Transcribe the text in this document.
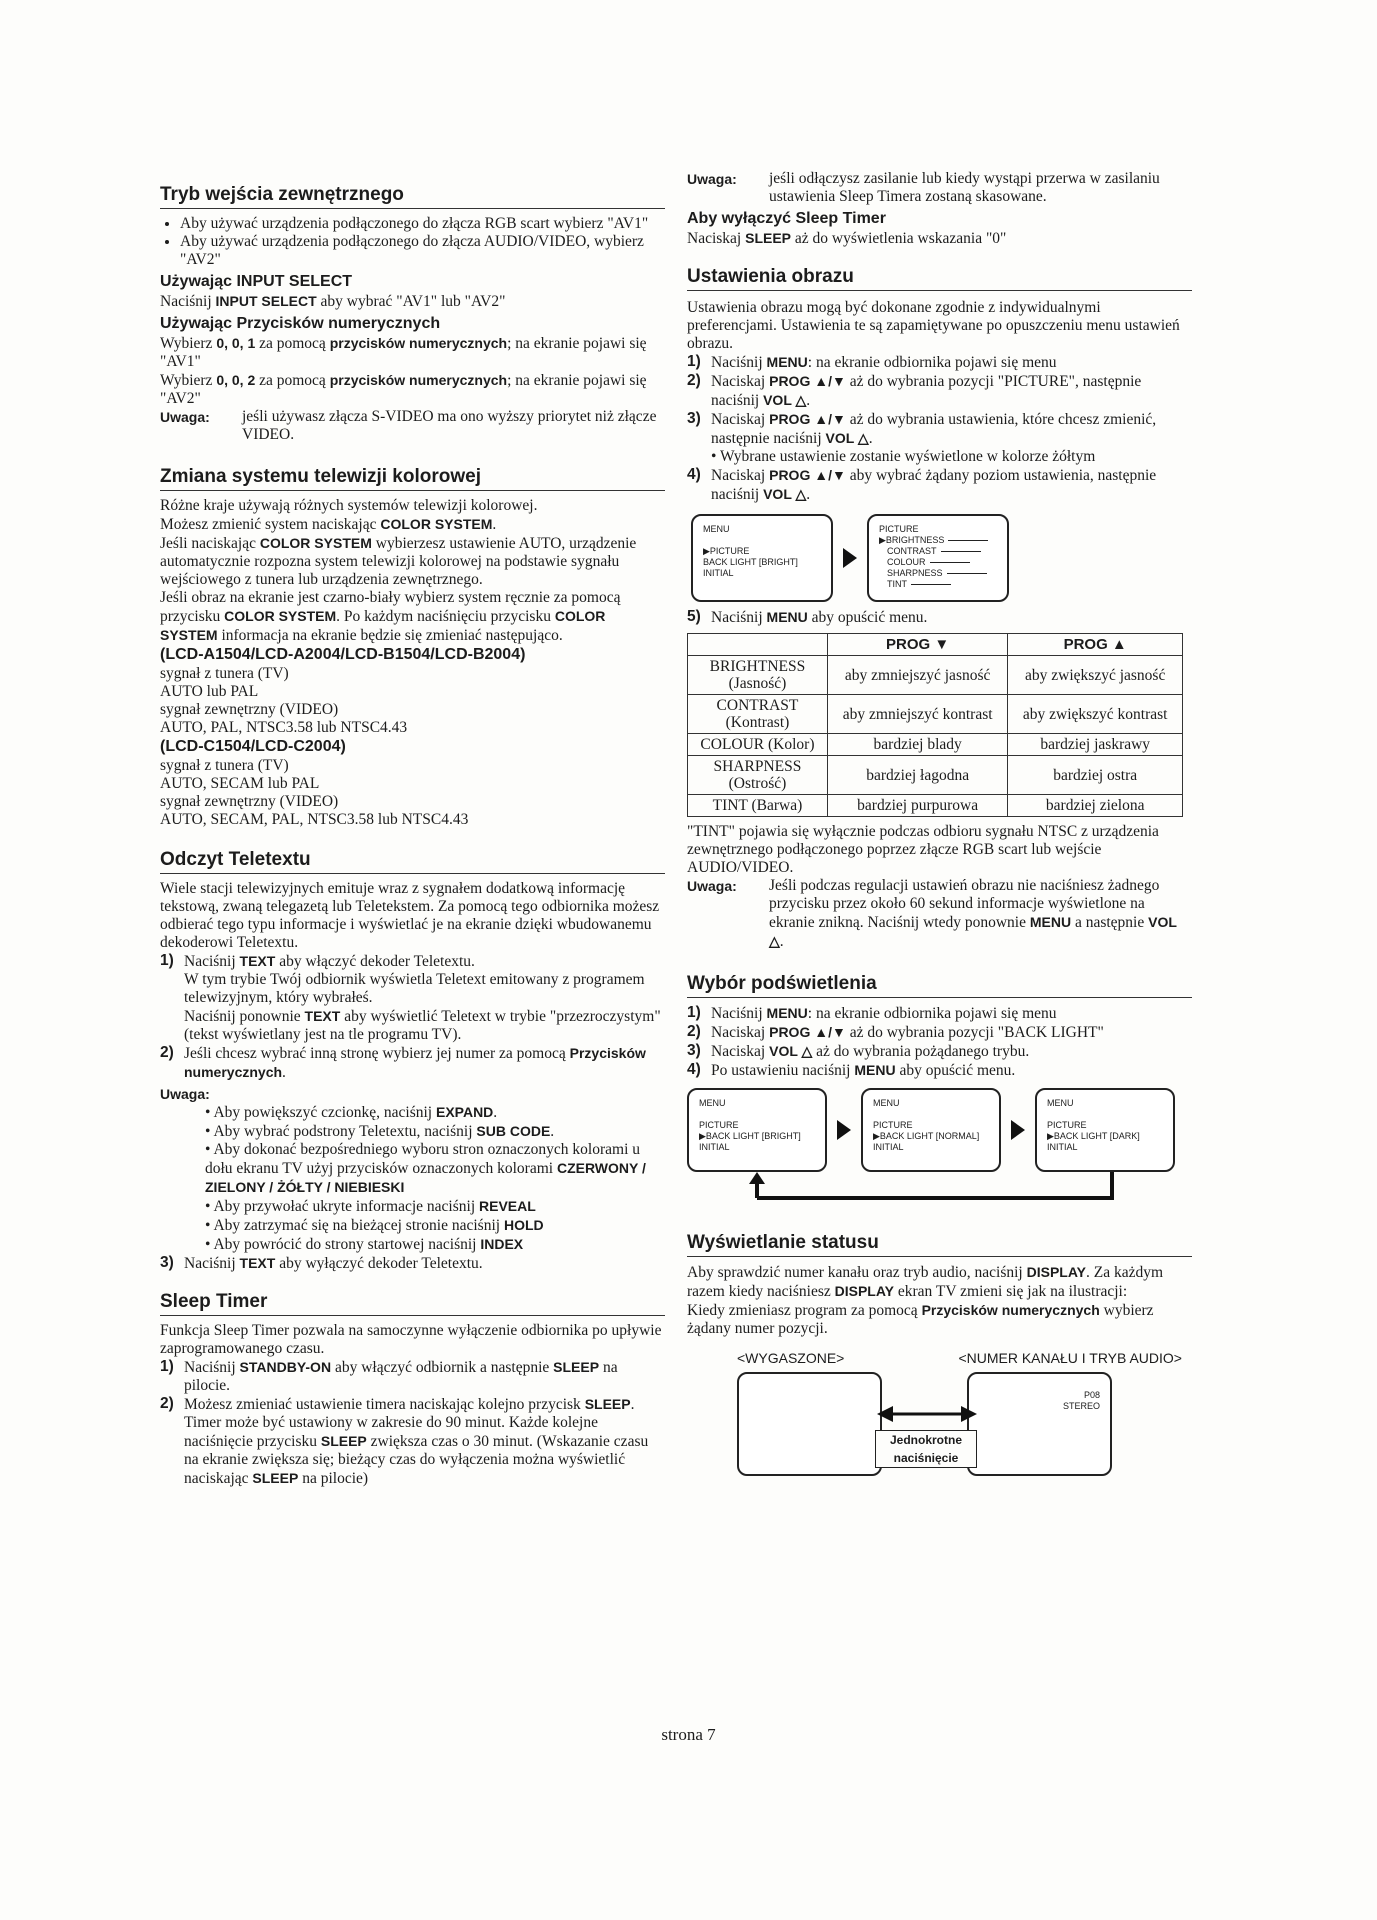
Tryb wejścia zewnętrznego
• Aby używać urządzenia podłączonego do złącza RGB scart wybierz "AV1"
• Aby używać urządzenia podłączonego do złącza AUDIO/VIDEO, wybierz "AV2"
Używając INPUT SELECT

Naciśnij INPUT SELECT aby wybrać "AV1" lub "AV2"

Używając Przycisków numerycznych

Wybierz 0, 0, 1 za pomocą przycisków numerycznych; na ekranie pojawi się "AV1"

Wybierz 0, 0, 2 za pomocą przycisków numerycznych; na ekranie pojawi się "AV2"

Uwaga:	jeśli używasz złącza S-VIDEO ma ono wyższy priorytet niż złącze VIDEO.
Zmiana systemu telewizji kolorowej

Różne kraje używają różnych systemów telewizji kolorowej.

Możesz zmienić system naciskając COLOR SYSTEM.

Jeśli naciskając COLOR SYSTEM wybierzesz ustawienie AUTO, urządzenie automatycznie rozpozna system telewizji kolorowej na podstawie sygnału wejściowego z tunera lub urządzenia zewnętrznego.

Jeśli obraz na ekranie jest czarno-biały wybierz system ręcznie za pomocą przycisku COLOR SYSTEM. Po każdym naciśnięciu przycisku COLOR SYSTEM informacja na ekranie będzie się zmieniać następująco.

(LCD-A1504/LCD-A2004/LCD-B1504/LCD-B2004)

sygnał z tunera (TV)

AUTO lub PAL

sygnał zewnętrzny (VIDEO)

AUTO, PAL, NTSC3.58 lub NTSC4.43

(LCD-C1504/LCD-C2004)

sygnał z tunera (TV)

AUTO, SECAM lub PAL

sygnał zewnętrzny (VIDEO)

AUTO, SECAM, PAL, NTSC3.58 lub NTSC4.43

Odczyt Teletextu

Wiele stacji telewizyjnych emituje wraz z sygnałem dodatkową informację tekstową, zwaną telegazetą lub Teletekstem. Za pomocą tego odbiornika możesz odbierać tego typu informacje i wyświetlać je na ekranie dzięki wbudowanemu dekoderowi Teletextu.

1) Naciśnij TEXT aby włączyć dekoder Teletextu.
W tym trybie Twój odbiornik wyświetla Teletext emitowany z programem telewizyjnym, który wybrałeś.
Naciśnij ponownie TEXT aby wyświetlić Teletext w trybie "przezroczystym" (tekst wyświetlany jest na tle programu TV).
2) Jeśli chcesz wybrać inną stronę wybierz jej numer za pomocą Przycisków numerycznych.
Uwaga:

• Aby powiększyć czcionkę, naciśnij EXPAND.

• Aby wybrać podstrony Teletextu, naciśnij SUB CODE.

• Aby dokonać bezpośredniego wyboru stron oznaczonych kolorami u dołu ekranu TV użyj przycisków oznaczonych kolorami CZERWONY / ZIELONY / ŻÓŁTY / NIEBIESKI

• Aby przywołać ukryte informacje naciśnij REVEAL

• Aby zatrzymać się na bieżącej stronie naciśnij HOLD

• Aby powrócić do strony startowej naciśnij INDEX

3) Naciśnij TEXT aby wyłączyć dekoder Teletextu.
Sleep Timer

Funkcja Sleep Timer pozwala na samoczynne wyłączenie odbiornika po upływie zaprogramowanego czasu.

1) Naciśnij STANDBY-ON aby włączyć odbiornik a następnie SLEEP na pilocie.
2) Możesz zmieniać ustawienie timera naciskając kolejno przycisk SLEEP. Timer może być ustawiony w zakresie do 90 minut. Każde kolejne naciśnięcie przycisku SLEEP zwiększa czas o 30 minut. (Wskazanie czasu na ekranie zwiększa się; bieżący czas do wyłączenia można wyświetlić naciskając SLEEP na pilocie)
Uwaga:	jeśli odłączysz zasilanie lub kiedy wystąpi przerwa w zasilaniu ustawienia Sleep Timera zostaną skasowane.
Aby wyłączyć Sleep Timer

Naciskaj SLEEP aż do wyświetlenia wskazania "0"

Ustawienia obrazu

Ustawienia obrazu mogą być dokonane zgodnie z indywidualnymi preferencjami. Ustawienia te są zapamiętywane po opuszczeniu menu ustawień obrazu.

1) Naciśnij MENU: na ekranie odbiornika pojawi się menu
2) Naciskaj PROG ▲/▼ aż do wybrania pozycji "PICTURE", następnie naciśnij VOL △.
3) Naciskaj PROG ▲/▼ aż do wybrania ustawienia, które chcesz zmienić, następnie naciśnij VOL △.
• Wybrane ustawienie zostanie wyświetlone w kolorze żółtym
4) Naciskaj PROG ▲/▼ aby wybrać żądany poziom ustawienia, następnie naciśnij VOL △.
MENU

▶PICTURE
BACK LIGHT [BRIGHT]
INITIAL
PICTURE
▶BRIGHTNESS
CONTRAST
COLOUR
SHARPNESS
TINT
5) Naciśnij MENU aby opuścić menu.
	PROG ▼	PROG ▲
BRIGHTNESS
(Jasność)	aby zmniejszyć jasność	aby zwiększyć jasność
CONTRAST
(Kontrast)	aby zmniejszyć kontrast	aby zwiększyć kontrast
COLOUR (Kolor)	bardziej blady	bardziej jaskrawy
SHARPNESS
(Ostrość)	bardziej łagodna	bardziej ostra
TINT (Barwa)	bardziej purpurowa	bardziej zielona

"TINT" pojawia się wyłącznie podczas odbioru sygnału NTSC z urządzenia zewnętrznego podłączonego poprzez złącze RGB scart lub wejście AUDIO/VIDEO.

Uwaga:	Jeśli podczas regulacji ustawień obrazu nie naciśniesz żadnego przycisku przez około 60 sekund informacje wyświetlone na ekranie znikną. Naciśnij wtedy ponownie MENU a następnie VOL △.
Wybór podświetlenia
1) Naciśnij MENU: na ekranie odbiornika pojawi się menu
2) Naciskaj PROG ▲/▼ aż do wybrania pozycji "BACK LIGHT"
3) Naciskaj VOL △ aż do wybrania pożądanego trybu.
4) Po ustawieniu naciśnij MENU aby opuścić menu.
MENU

PICTURE
▶BACK LIGHT [BRIGHT]
INITIAL
MENU

PICTURE
▶BACK LIGHT [NORMAL]
INITIAL
MENU

PICTURE
▶BACK LIGHT [DARK]
INITIAL
Wyświetlanie statusu

Aby sprawdzić numer kanału oraz tryb audio, naciśnij DISPLAY. Za każdym razem kiedy naciśniesz DISPLAY ekran TV zmieni się jak na ilustracji:

Kiedy zmieniasz program za pomocą Przycisków numerycznych wybierz żądany numer pozycji.

<WYGASZONE>	<NUMER KANAŁU I TRYB AUDIO>
P08
STEREO
Jednokrotne
naciśnięcie
strona 7
